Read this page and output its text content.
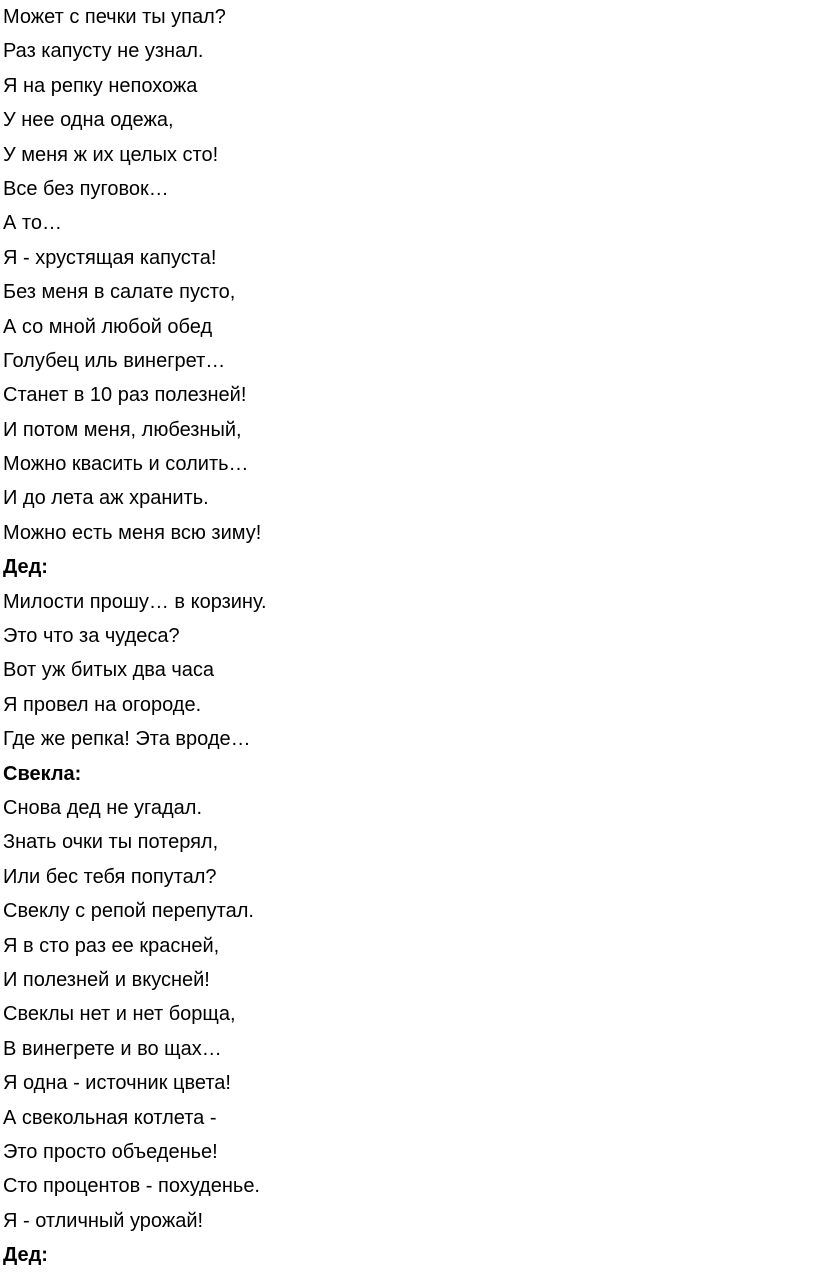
Может с печки ты упал?
Раз капусту не узнал.
Я на репку непохожа
У нее одна одежа,
У меня ж их целых сто!
Все без пуговок…
А то…
Я - хрустящая капуста!
Без меня в салате пусто,
А со мной любой обед
Голубец иль винегрет…
Станет в 10 раз полезней!
И потом меня, любезный,
Можно квасить и солить…
И до лета аж хранить.
Можно есть меня всю зиму!
Дед:
Милости прошу… в корзину.
Это что за чудеса?
Вот уж битых два часа
Я провел на огороде.
Где же репка! Эта вроде…
Свекла:
Снова дед не угадал.
Знать очки ты потерял,
Или бес тебя попутал?
Свеклу с репой перепутал.
Я в сто раз ее красней,
И полезней и вкусней!
Свеклы нет и нет борща,
В винегрете и во щах…
Я одна - источник цвета!
А свекольная котлета -
Это просто объеденье!
Сто процентов - похуденье.
Я - отличный урожай!
Дед:
